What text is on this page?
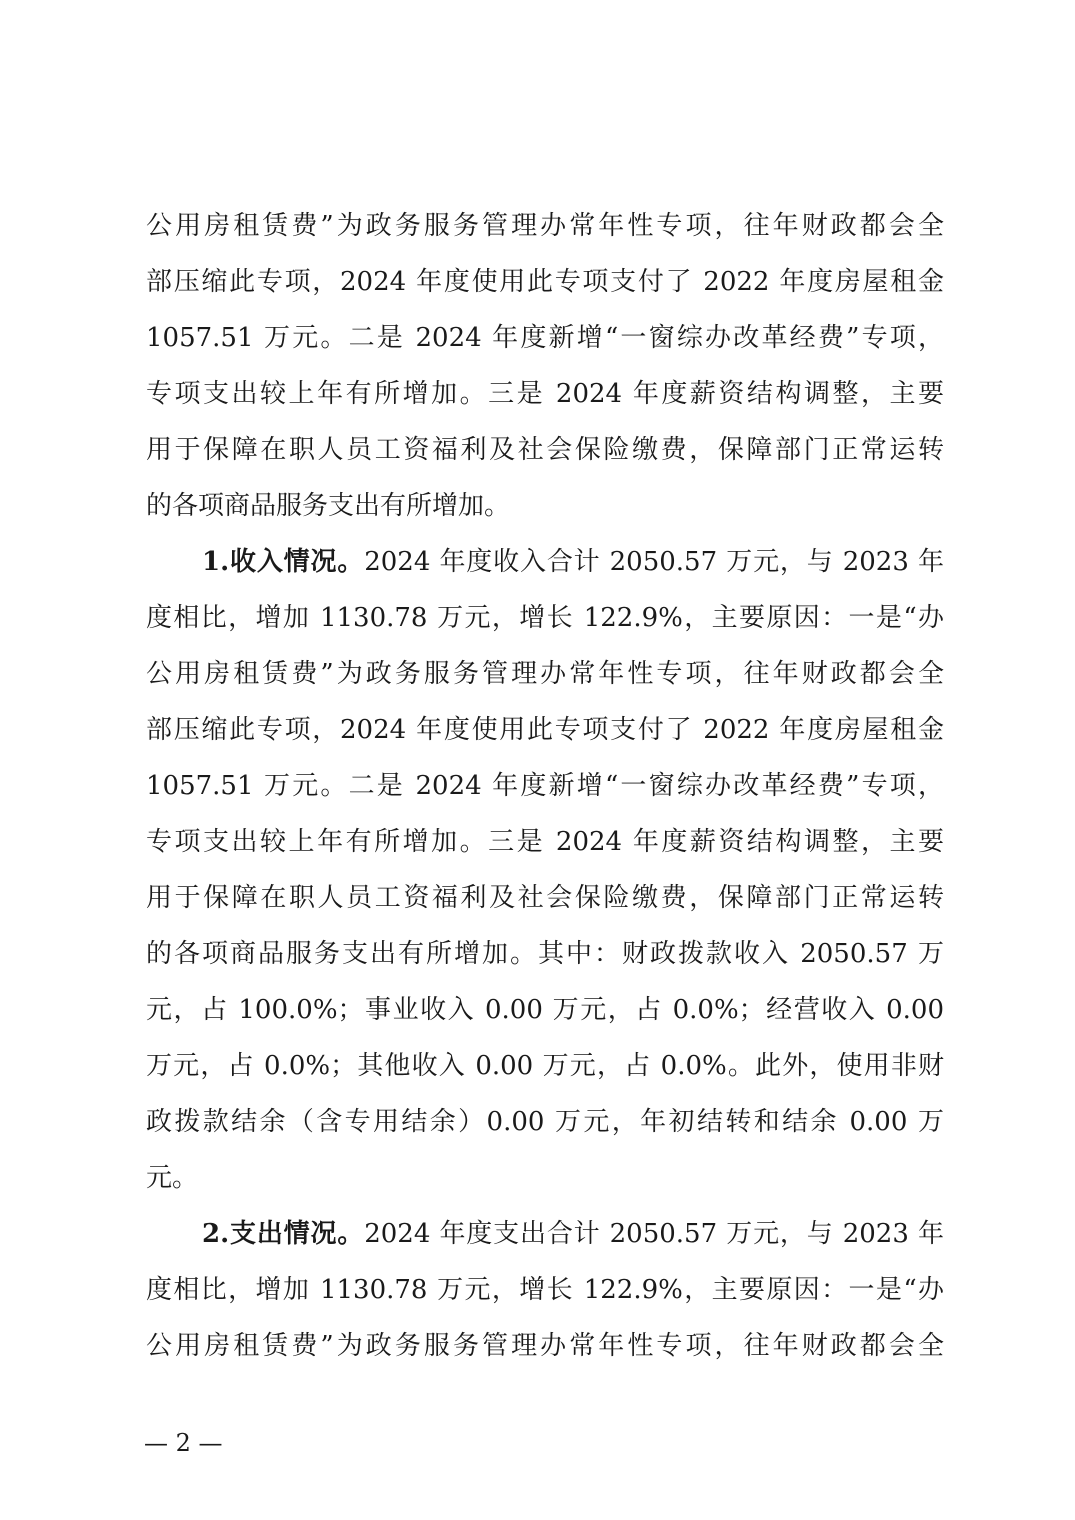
公用房租赁费”为政务服务管理办常年性专项，往年财政都会全
部压缩此专项，2024 年度使用此专项支付了 2022 年度房屋租金
1057.51 万元。二是 2024 年度新增“一窗综办改革经费”专项，
专项支出较上年有所增加。三是 2024 年度薪资结构调整，主要
用于保障在职人员工资福利及社会保险缴费，保障部门正常运转
的各项商品服务支出有所增加。
1.收入情况。2024 年度收入合计 2050.57 万元，与 2023 年
度相比，增加 1130.78 万元，增长 122.9%，主要原因：一是“办
公用房租赁费”为政务服务管理办常年性专项，往年财政都会全
部压缩此专项，2024 年度使用此专项支付了 2022 年度房屋租金
1057.51 万元。二是 2024 年度新增“一窗综办改革经费”专项，
专项支出较上年有所增加。三是 2024 年度薪资结构调整，主要
用于保障在职人员工资福利及社会保险缴费，保障部门正常运转
的各项商品服务支出有所增加。其中：财政拨款收入 2050.57 万
元，占 100.0%；事业收入 0.00 万元，占 0.0%；经营收入 0.00
万元，占 0.0%；其他收入 0.00 万元，占 0.0%。此外，使用非财
政拨款结余（含专用结余）0.00 万元，年初结转和结余 0.00 万
元。
2.支出情况。2024 年度支出合计 2050.57 万元，与 2023 年
度相比，增加 1130.78 万元，增长 122.9%，主要原因：一是“办
公用房租赁费”为政务服务管理办常年性专项，往年财政都会全
— 2 —
